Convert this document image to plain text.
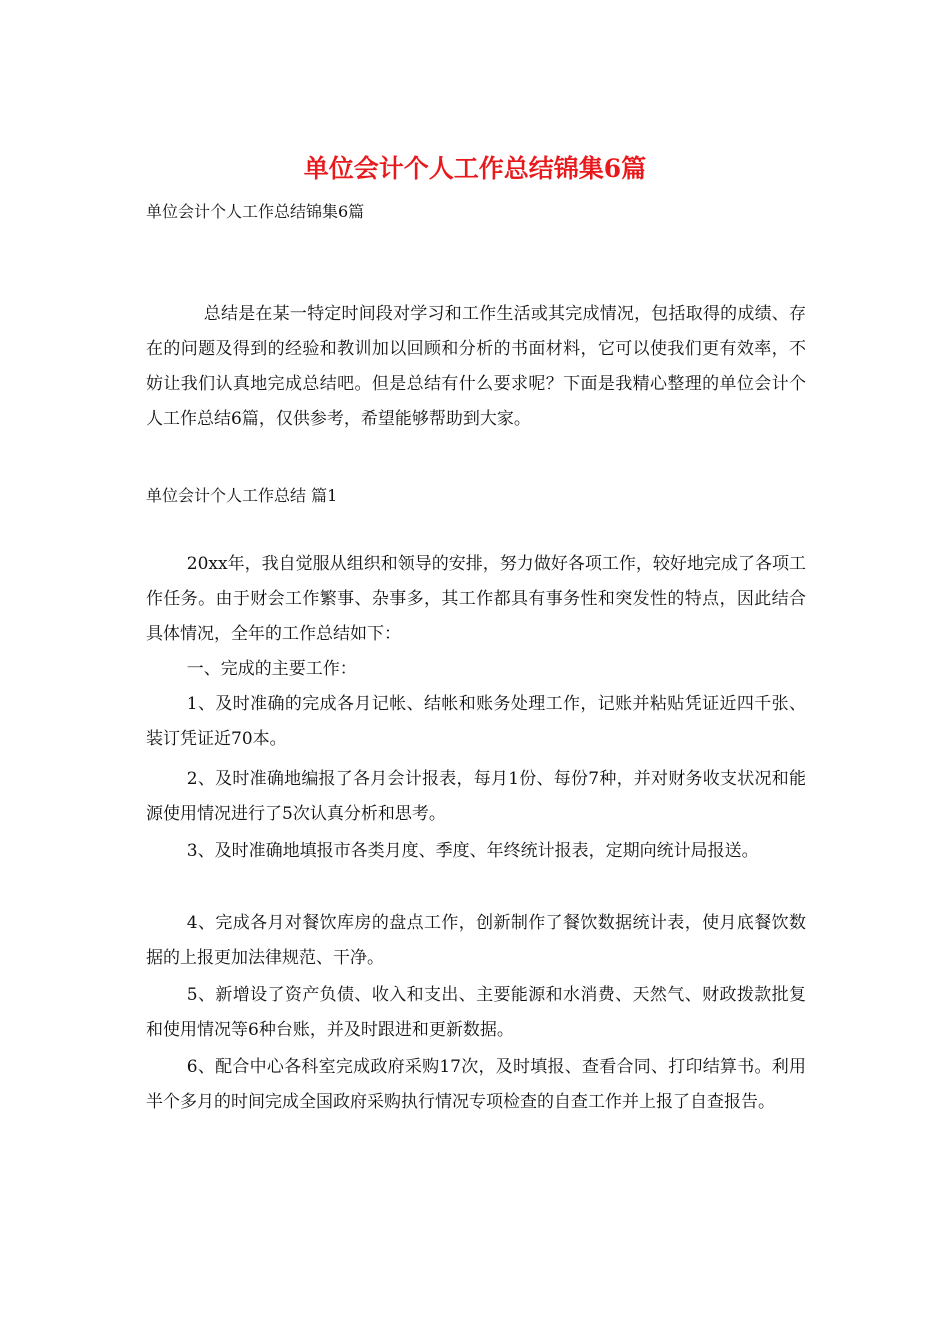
单位会计个人工作总结锦集6篇
单位会计个人工作总结锦集6篇
总结是在某一特定时间段对学习和工作生活或其完成情况，包括取得的成绩、存在的问题及得到的经验和教训加以回顾和分析的书面材料，它可以使我们更有效率，不妨让我们认真地完成总结吧。但是总结有什么要求呢？下面是我精心整理的单位会计个人工作总结6篇，仅供参考，希望能够帮助到大家。
单位会计个人工作总结 篇1
20xx年，我自觉服从组织和领导的安排，努力做好各项工作，较好地完成了各项工作任务。由于财会工作繁事、杂事多，其工作都具有事务性和突发性的特点，因此结合具体情况，全年的工作总结如下：
一、完成的主要工作：
1、及时准确的完成各月记帐、结帐和账务处理工作，记账并粘贴凭证近四千张、装订凭证近70本。
2、及时准确地编报了各月会计报表，每月1份、每份7种，并对财务收支状况和能源使用情况进行了5次认真分析和思考。
3、及时准确地填报市各类月度、季度、年终统计报表，定期向统计局报送。
4、完成各月对餐饮库房的盘点工作，创新制作了餐饮数据统计表，使月底餐饮数据的上报更加法律规范、干净。
5、新增设了资产负债、收入和支出、主要能源和水消费、天然气、财政拨款批复和使用情况等6种台账，并及时跟进和更新数据。
6、配合中心各科室完成政府采购17次，及时填报、查看合同、打印结算书。利用半个多月的时间完成全国政府采购执行情况专项检查的自查工作并上报了自查报告。
